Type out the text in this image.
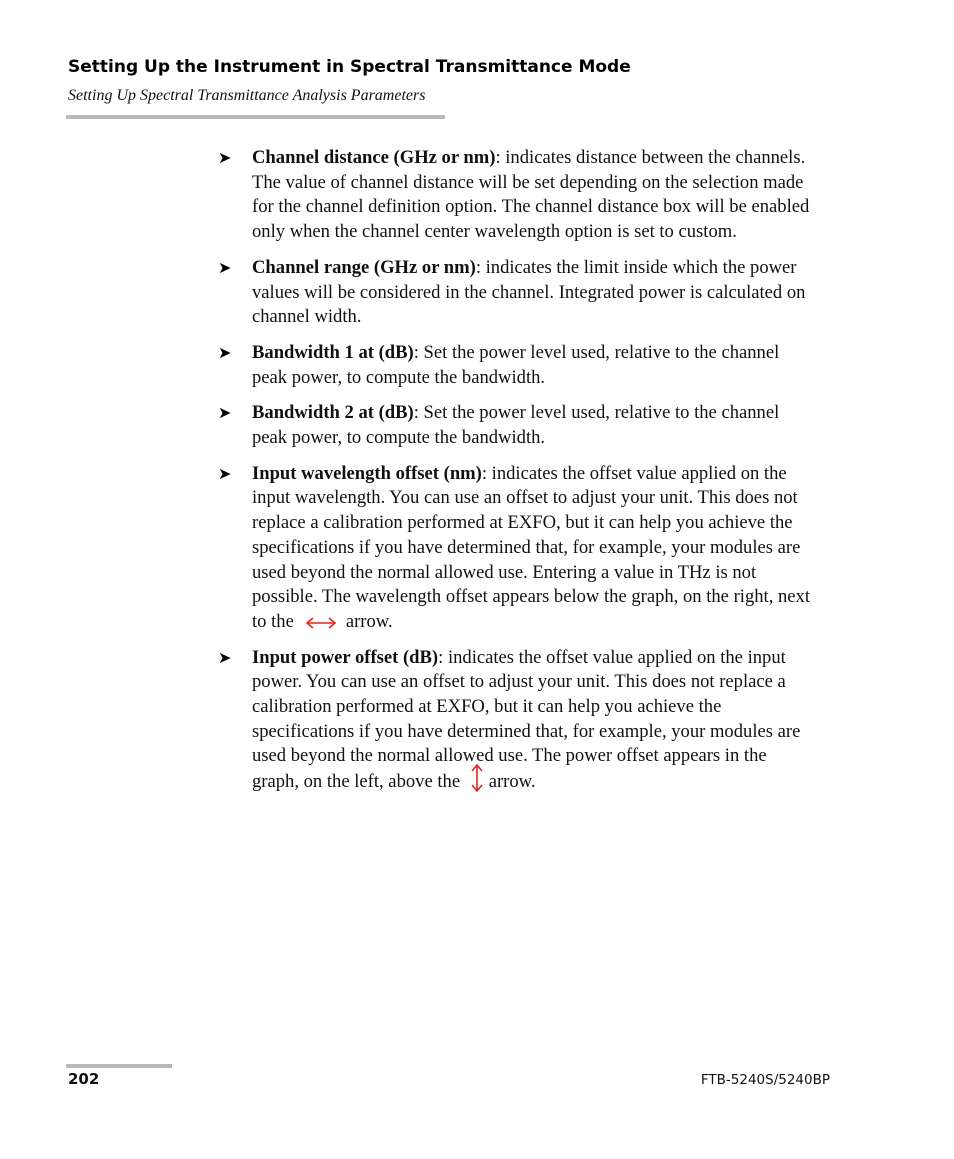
Setting Up the Instrument in Spectral Transmittance Mode
Setting Up Spectral Transmittance Analysis Parameters
➤ Channel distance (GHz or nm): indicates distance between the channels. The value of channel distance will be set depending on the selection made for the channel definition option. The channel distance box will be enabled only when the channel center wavelength option is set to custom.
➤ Channel range (GHz or nm): indicates the limit inside which the power values will be considered in the channel. Integrated power is calculated on channel width.
➤ Bandwidth 1 at (dB): Set the power level used, relative to the channel peak power, to compute the bandwidth.
➤ Bandwidth 2 at (dB): Set the power level used, relative to the channel peak power, to compute the bandwidth.
➤ Input wavelength offset (nm): indicates the offset value applied on the input wavelength. You can use an offset to adjust your unit. This does not replace a calibration performed at EXFO, but it can help you achieve the specifications if you have determined that, for example, your modules are used beyond the normal allowed use. Entering a value in THz is not possible. The wavelength offset appears below the graph, on the right, next to the	arrow.
➤ Input power offset (dB): indicates the offset value applied on the input power. You can use an offset to adjust your unit. This does not replace a calibration performed at EXFO, but it can help you achieve the specifications if you have determined that, for example, your modules are used beyond the normal allowed use. The power offset appears in the graph, on the left, above the arrow.
202	FTB-5240S/5240BP
